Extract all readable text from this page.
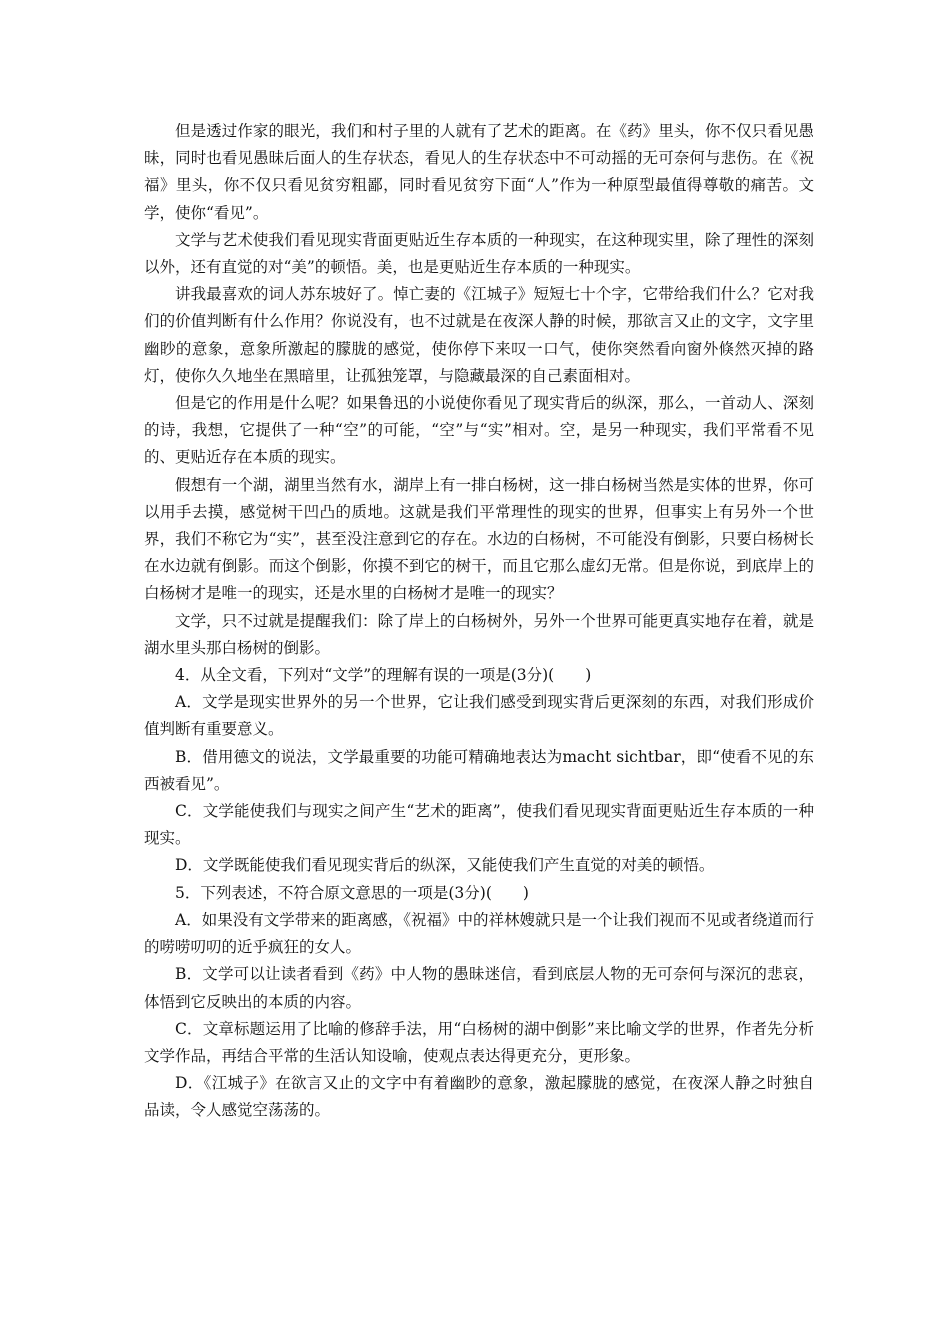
但是透过作家的眼光，我们和村子里的人就有了艺术的距离。在《药》里头，你不仅只看见愚昧，同时也看见愚昧后面人的生存状态，看见人的生存状态中不可动摇的无可奈何与悲伤。在《祝福》里头，你不仅只看见贫穷粗鄙，同时看见贫穷下面“人”作为一种原型最值得尊敬的痛苦。文学，使你“看见”。

文学与艺术使我们看见现实背面更贴近生存本质的一种现实，在这种现实里，除了理性的深刻以外，还有直觉的对“美”的顿悟。美，也是更贴近生存本质的一种现实。

讲我最喜欢的词人苏东坡好了。悼亡妻的《江城子》短短七十个字，它带给我们什么？它对我们的价值判断有什么作用？你说没有，也不过就是在夜深人静的时候，那欲言又止的文字，文字里幽眇的意象，意象所激起的朦胧的感觉，使你停下来叹一口气，使你突然看向窗外倏然灭掉的路灯，使你久久地坐在黑暗里，让孤独笼罩，与隐藏最深的自己素面相对。

但是它的作用是什么呢？如果鲁迅的小说使你看见了现实背后的纵深，那么，一首动人、深刻的诗，我想，它提供了一种“空”的可能，“空”与“实”相对。空，是另一种现实，我们平常看不见的、更贴近存在本质的现实。

假想有一个湖，湖里当然有水，湖岸上有一排白杨树，这一排白杨树当然是实体的世界，你可以用手去摸，感觉树干凹凸的质地。这就是我们平常理性的现实的世界，但事实上有另外一个世界，我们不称它为“实”，甚至没注意到它的存在。水边的白杨树，不可能没有倒影，只要白杨树长在水边就有倒影。而这个倒影，你摸不到它的树干，而且它那么虚幻无常。但是你说，到底岸上的白杨树才是唯一的现实，还是水里的白杨树才是唯一的现实？

文学，只不过就是提醒我们：除了岸上的白杨树外，另外一个世界可能更真实地存在着，就是湖水里头那白杨树的倒影。

4．从全文看，下列对“文学”的理解有误的一项是(3分)(　　)

A．文学是现实世界外的另一个世界，它让我们感受到现实背后更深刻的东西，对我们形成价值判断有重要意义。

B．借用德文的说法，文学最重要的功能可精确地表达为macht sichtbar，即“使看不见的东西被看见”。

C．文学能使我们与现实之间产生“艺术的距离”，使我们看见现实背面更贴近生存本质的一种现实。

D．文学既能使我们看见现实背后的纵深，又能使我们产生直觉的对美的顿悟。

5．下列表述，不符合原文意思的一项是(3分)(　　)

A．如果没有文学带来的距离感，《祝福》中的祥林嫂就只是一个让我们视而不见或者绕道而行的唠唠叨叨的近乎疯狂的女人。

B．文学可以让读者看到《药》中人物的愚昧迷信，看到底层人物的无可奈何与深沉的悲哀，体悟到它反映出的本质的内容。

C．文章标题运用了比喻的修辞手法，用“白杨树的湖中倒影”来比喻文学的世界，作者先分析文学作品，再结合平常的生活认知设喻，使观点表达得更充分，更形象。

D．《江城子》在欲言又止的文字中有着幽眇的意象，激起朦胧的感觉，在夜深人静之时独自品读，令人感觉空荡荡的。
